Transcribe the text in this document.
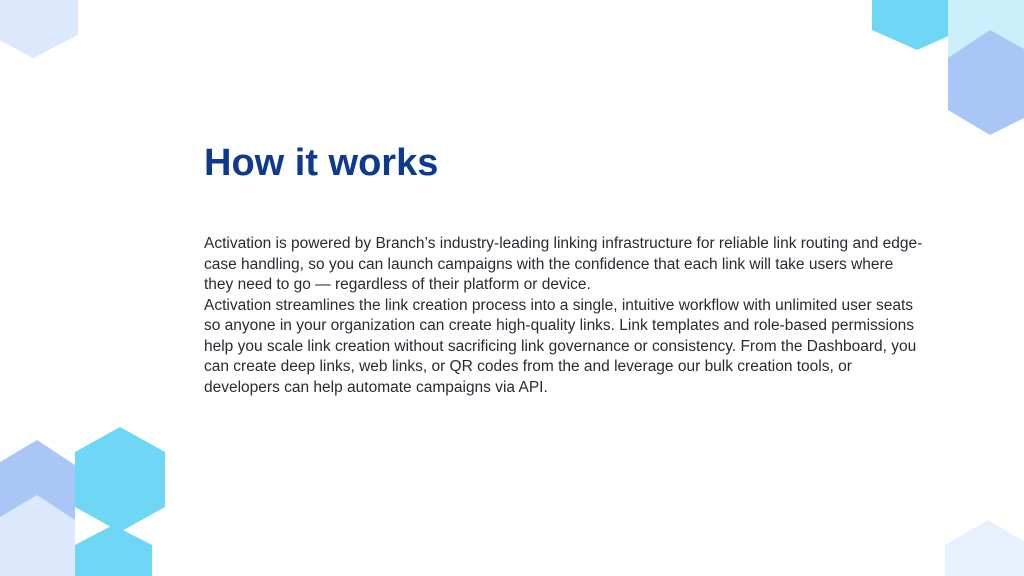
How it works

Activation is powered by Branch’s industry-leading linking infrastructure for reliable link routing and edge-case handling, so you can launch campaigns with the confidence that each link will take users where they need to go — regardless of their platform or device.

Activation streamlines the link creation process into a single, intuitive workflow with unlimited user seats so anyone in your organization can create high-quality links. Link templates and role-based permissions help you scale link creation without sacrificing link governance or consistency. From the Dashboard, you can create deep links, web links, or QR codes from the and leverage our bulk creation tools, or developers can help automate campaigns via API.
